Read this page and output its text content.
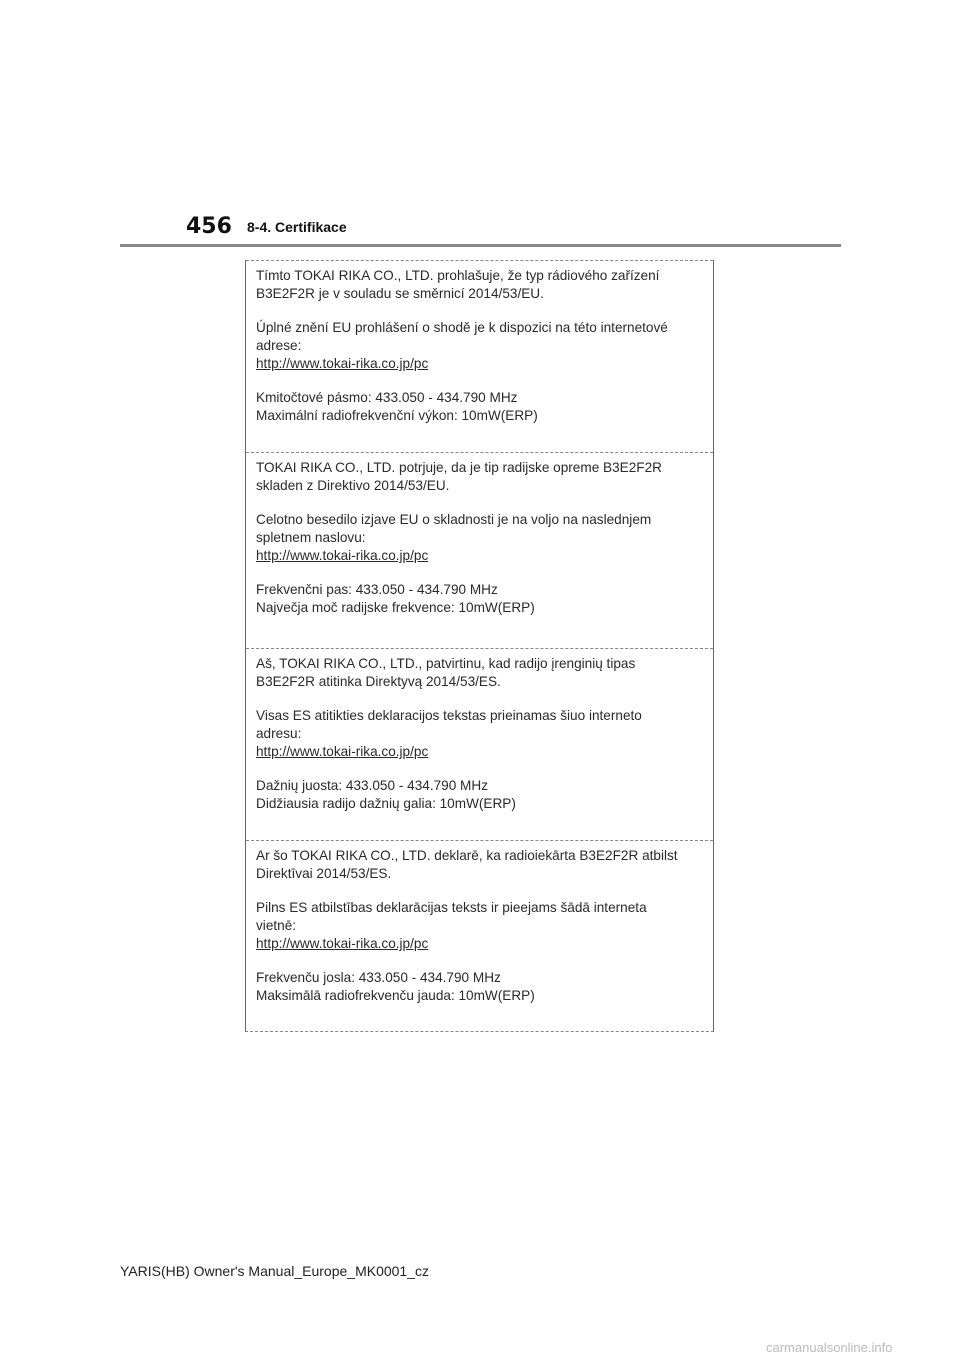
456 8-4. Certifikace

Tímto TOKAI RIKA CO., LTD. prohlašuje, že typ rádiového zařízení

B3E2F2R je v souladu se směrnicí 2014/53/EU.

Úplné znění EU prohlášení o shodě je k dispozici na této internetové

adrese:

http://www.tokai-rika.co.jp/pc

Kmitočtové pásmo: 433.050 - 434.790 MHz

Maximální radiofrekvenční výkon: 10mW(ERP)

TOKAI RIKA CO., LTD. potrjuje, da je tip radijske opreme B3E2F2R

skladen z Direktivo 2014/53/EU.

Celotno besedilo izjave EU o skladnosti je na voljo na naslednjem

spletnem naslovu:

http://www.tokai-rika.co.jp/pc

Frekvenčni pas: 433.050 - 434.790 MHz

Največja moč radijske frekvence: 10mW(ERP)

Aš, TOKAI RIKA CO., LTD., patvirtinu, kad radijo įrenginių tipas

B3E2F2R atitinka Direktyvą 2014/53/ES.

Visas ES atitikties deklaracijos tekstas prieinamas šiuo interneto

adresu:

http://www.tokai-rika.co.jp/pc

Dažnių juosta: 433.050 - 434.790 MHz

Didžiausia radijo dažnių galia: 10mW(ERP)

Ar šo TOKAI RIKA CO., LTD. deklarē, ka radioiekārta B3E2F2R atbilst

Direktīvai 2014/53/ES.

Pilns ES atbilstības deklarācijas teksts ir pieejams šādā interneta

vietnē:

http://www.tokai-rika.co.jp/pc

Frekvenču josla: 433.050 - 434.790 MHz

Maksimālā radiofrekvenču jauda: 10mW(ERP)

YARIS(HB) Owner's Manual_Europe_MK0001_cz
carmanualsonline.info
